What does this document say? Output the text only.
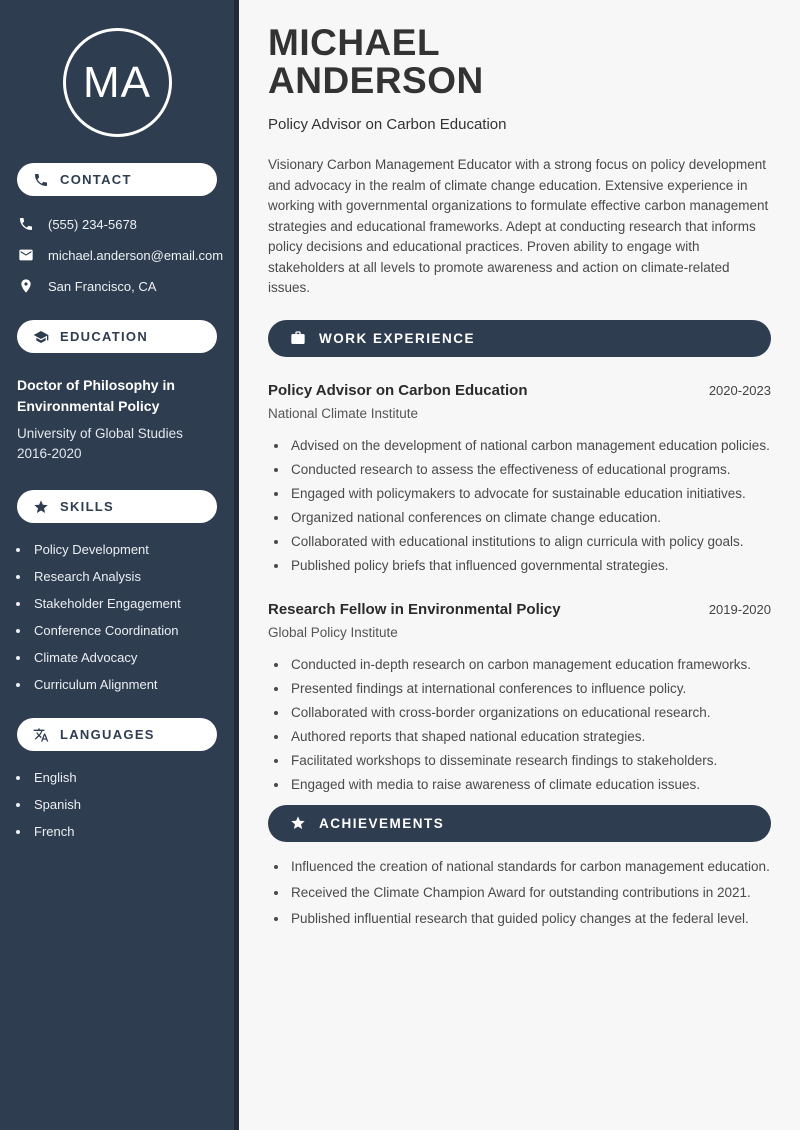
MA
CONTACT
(555) 234-5678
michael.anderson@email.com
San Francisco, CA
EDUCATION
Doctor of Philosophy in Environmental Policy
University of Global Studies
2016-2020
SKILLS
• Policy Development
• Research Analysis
• Stakeholder Engagement
• Conference Coordination
• Climate Advocacy
• Curriculum Alignment
LANGUAGES
• English
• Spanish
• French
MICHAEL
ANDERSON
Policy Advisor on Carbon Education

Visionary Carbon Management Educator with a strong focus on policy development and advocacy in the realm of climate change education. Extensive experience in working with governmental organizations to formulate effective carbon management strategies and educational frameworks. Adept at conducting research that informs policy decisions and educational practices. Proven ability to engage with stakeholders at all levels to promote awareness and action on climate-related issues.

WORK EXPERIENCE
Policy Advisor on Carbon Education	2020-2023
National Climate Institute
• Advised on the development of national carbon management education policies.
• Conducted research to assess the effectiveness of educational programs.
• Engaged with policymakers to advocate for sustainable education initiatives.
• Organized national conferences on climate change education.
• Collaborated with educational institutions to align curricula with policy goals.
• Published policy briefs that influenced governmental strategies.
Research Fellow in Environmental Policy	2019-2020
Global Policy Institute
• Conducted in-depth research on carbon management education frameworks.
• Presented findings at international conferences to influence policy.
• Collaborated with cross-border organizations on educational research.
• Authored reports that shaped national education strategies.
• Facilitated workshops to disseminate research findings to stakeholders.
• Engaged with media to raise awareness of climate education issues.
ACHIEVEMENTS
• Influenced the creation of national standards for carbon management education.
• Received the Climate Champion Award for outstanding contributions in 2021.
• Published influential research that guided policy changes at the federal level.
